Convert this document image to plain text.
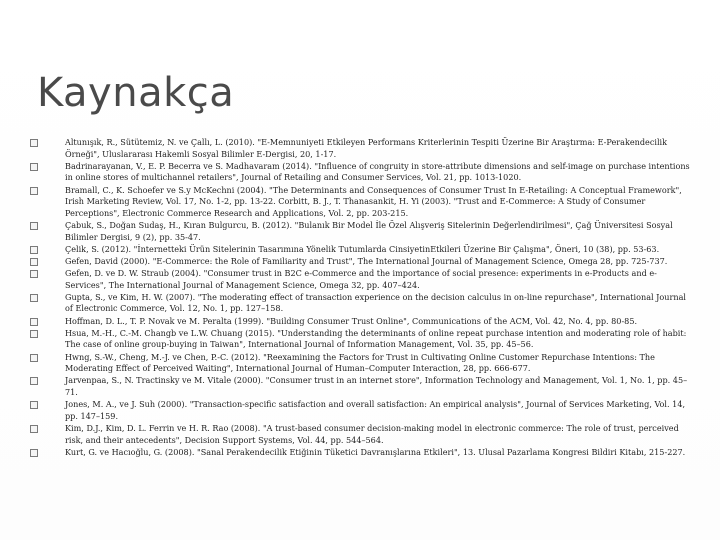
Kaynakça
Altunışık, R., Sütütemiz, N. ve Çallı, L. (2010). "E-Memnuniyeti Etkileyen Performans Kriterlerinin Tespiti Üzerine Bir Araştırma: E-Perakendecilik Örneği", Uluslararası Hakemli Sosyal Bilimler E-Dergisi, 20, 1-17.
Badrinarayanan, V., E. P. Becerra ve S. Madhavaram (2014). "Influence of congruity in store-attribute dimensions and self-image on purchase intentions in online stores of multichannel retailers", Journal of Retailing and Consumer Services, Vol. 21, pp. 1013-1020.
Bramall, C., K. Schoefer ve S.y McKechni (2004). "The Determinants and Consequences of Consumer Trust In E-Retailing: A Conceptual Framework", Irish Marketing Review, Vol. 17, No. 1-2, pp. 13-22. Corbitt, B. J., T. Thanasankit, H. Yi (2003). "Trust and E-Commerce: A Study of Consumer Perceptions", Electronic Commerce Research and Applications, Vol. 2, pp. 203-215.
Çabuk, S., Doğan Sudaş, H., Kıran Bulgurcu, B. (2012). "Bulanık Bir Model İle Özel Alışveriş Sitelerinin Değerlendirilmesi", Çağ Üniversitesi Sosyal Bilimler Dergisi, 9 (2), pp. 35-47.
Çelik, S. (2012). "İnternetteki Ürün Sitelerinin Tasarımına Yönelik Tutumlarda CinsiyetinEtkileri Üzerine Bir Çalışma", Öneri, 10 (38), pp. 53-63.
Gefen, David (2000). "E-Commerce: the Role of Familiarity and Trust", The International Journal of Management Science, Omega 28, pp. 725-737.
Gefen, D. ve D. W. Straub (2004). "Consumer trust in B2C e-Commerce and the importance of social presence: experiments in e-Products and e-Services", The International Journal of Management Science, Omega 32, pp. 407–424.
Gupta, S., ve Kim, H. W. (2007). "The moderating effect of transaction experience on the decision calculus in on-line repurchase", International Journal of Electronic Commerce, Vol. 12, No. 1, pp. 127–158.
Hoffman, D. L., T. P. Novak ve M. Peralta (1999). "Building Consumer Trust Online", Communications of the ACM, Vol. 42, No. 4, pp. 80-85.
Hsua, M.-H., C.-M. Changb ve L.W. Chuang (2015). "Understanding the determinants of online repeat purchase intention and moderating role of habit: The case of online group-buying in Taiwan", International Journal of Information Management, Vol. 35, pp. 45–56.
Hwng, S.-W., Cheng, M.-J. ve Chen, P.-C. (2012). "Reexamining the Factors for Trust in Cultivating Online Customer Repurchase Intentions: The Moderating Effect of Perceived Waiting", International Journal of Human–Computer Interaction, 28, pp. 666-677.
Jarvenpaa, S., N. Tractinsky ve M. Vitale (2000). "Consumer trust in an internet store", Information Technology and Management, Vol. 1, No. 1, pp. 45–71.
Jones, M. A., ve J. Suh (2000). "Transaction-specific satisfaction and overall satisfaction: An empirical analysis", Journal of Services Marketing, Vol. 14, pp. 147–159.
Kim, D.J., Kim, D. L. Ferrin ve H. R. Rao (2008). "A trust-based consumer decision-making model in electronic commerce: The role of trust, perceived risk, and their antecedents", Decision Support Systems, Vol. 44, pp. 544–564.
Kurt, G. ve Hacıoğlu, G. (2008). "Sanal Perakendecilik Etiğinin Tüketici Davranışlarına Etkileri", 13. Ulusal Pazarlama Kongresi Bildiri Kitabı, 215-227.
